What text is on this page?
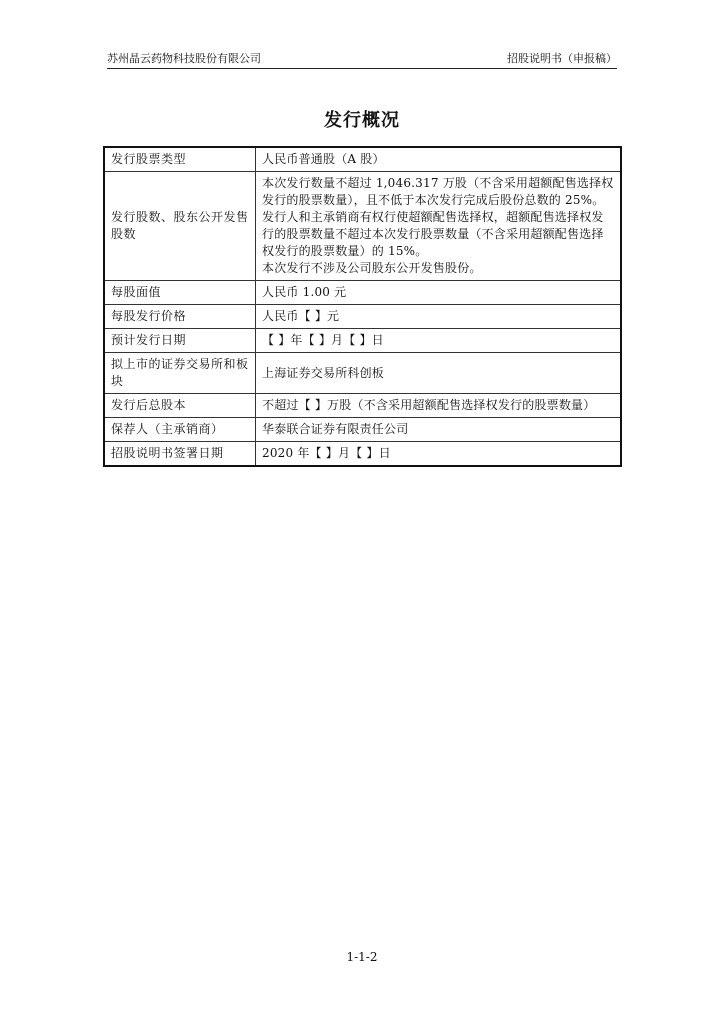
苏州晶云药物科技股份有限公司	招股说明书（申报稿）
发行概况
发行股票类型	人民币普通股（A 股）

发行股数、股东公开发售股数	本次发行数量不超过 1,046.317 万股（不含采用超额配售选择权发行的股票数量），且不低于本次发行完成后股份总数的 25%。发行人和主承销商有权行使超额配售选择权，超额配售选择权发行的股票数量不超过本次发行股票数量（不含采用超额配售选择权发行的股票数量）的 15%。
本次发行不涉及公司股东公开发售股份。

每股面值	人民币 1.00 元

每股发行价格	人民币【 】元

预计发行日期	【 】年【 】月【 】日

拟上市的证券交易所和板块	上海证券交易所科创板

发行后总股本	不超过【 】万股（不含采用超额配售选择权发行的股票数量）

保荐人（主承销商）	华泰联合证券有限责任公司

招股说明书签署日期	2020 年【 】月【 】日
1-1-2
